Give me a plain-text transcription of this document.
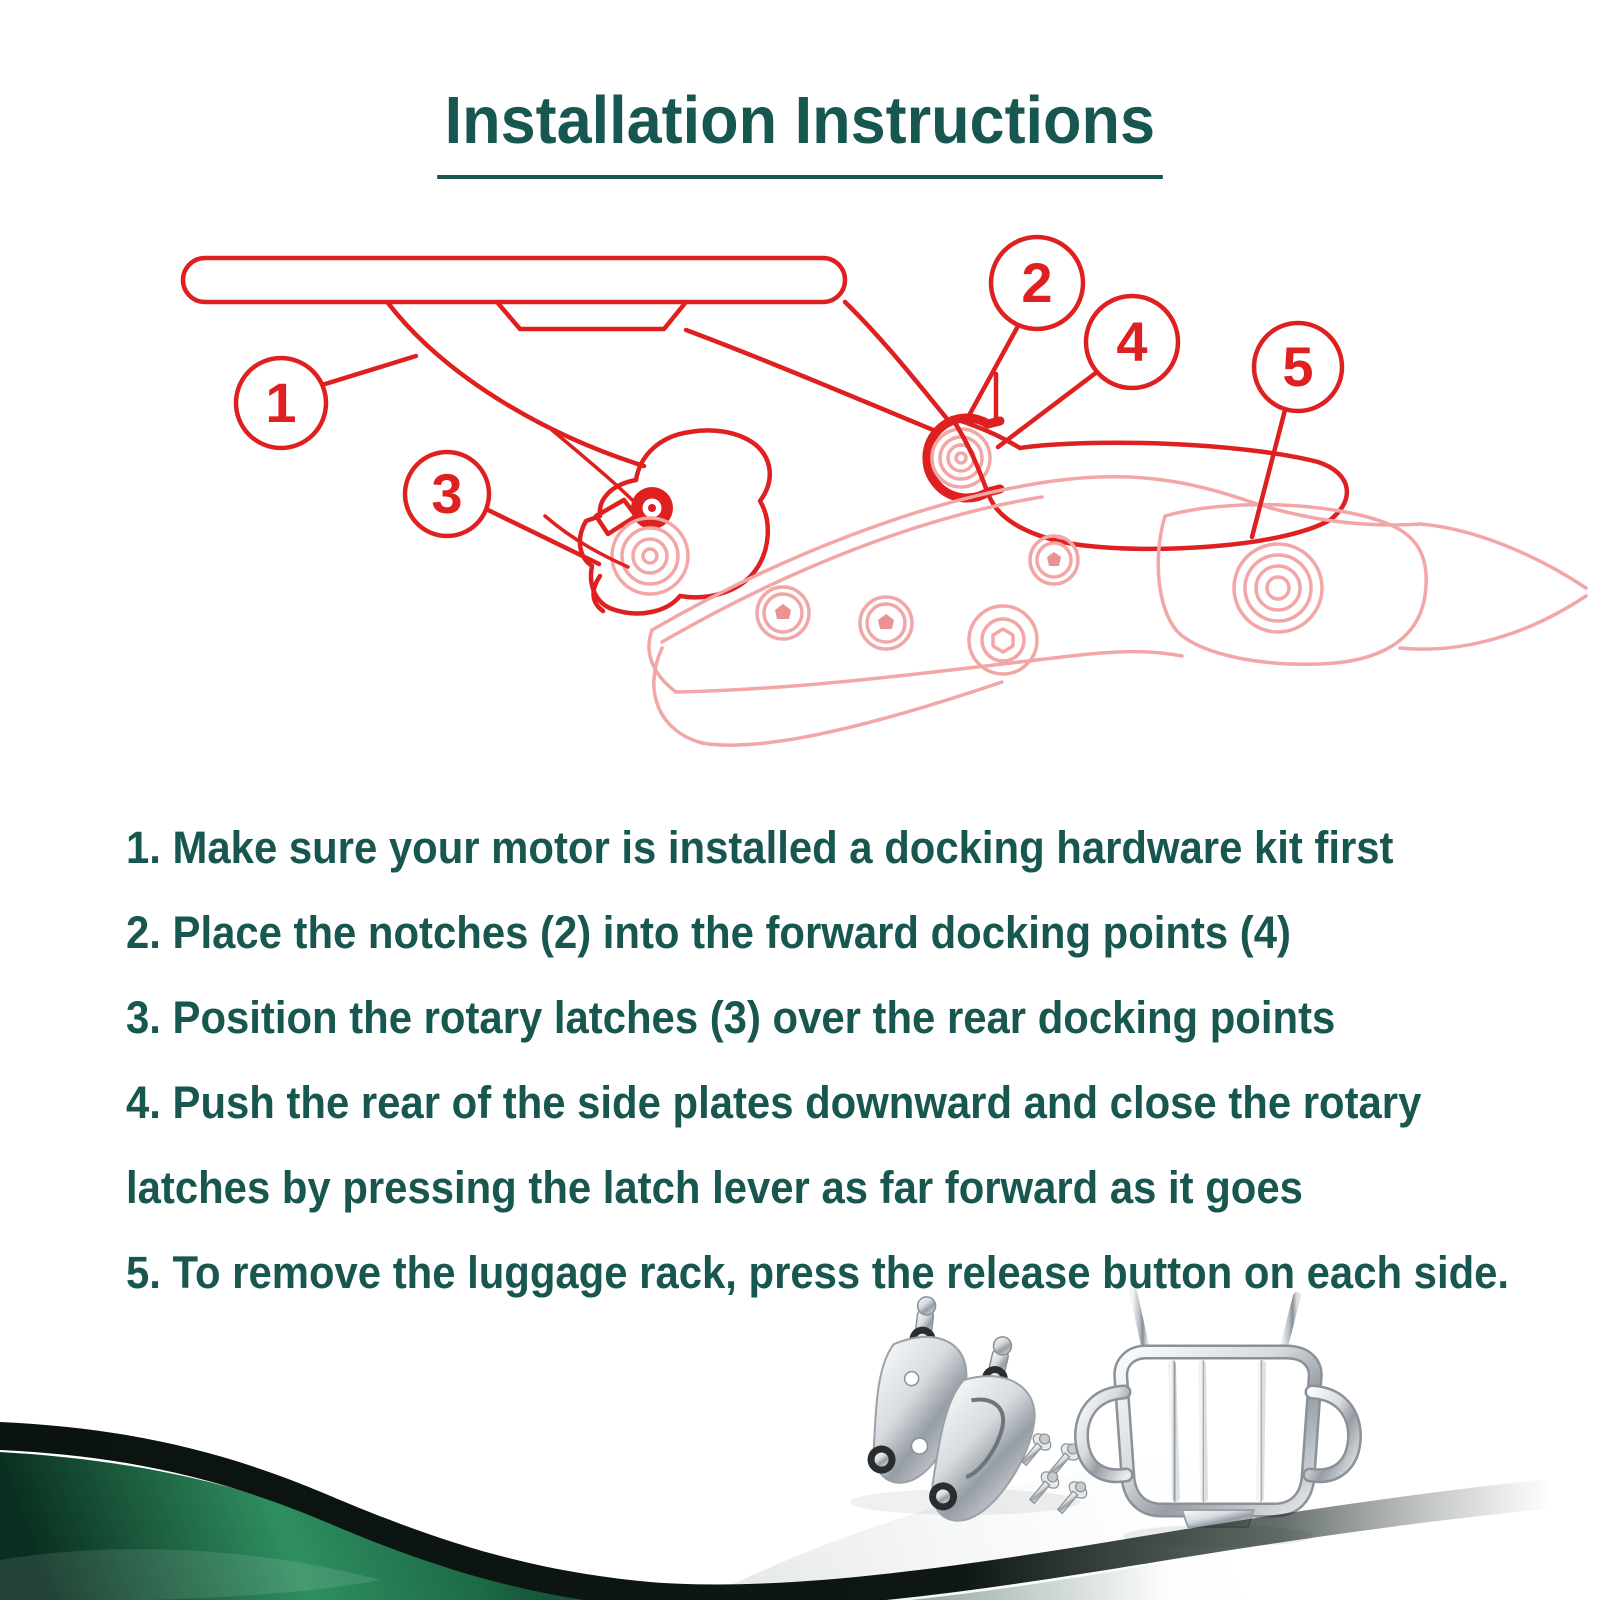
Installation Instructions
1
3
2
4 5
1. Make sure your motor is installed a docking hardware kit first
2. Place the notches (2) into the forward docking points (4)
3. Position the rotary latches (3) over the rear docking points
4. Push the rear of the side plates downward and close the rotary
latches by pressing the latch lever as far forward as it goes
5. To remove the luggage rack, press the release button on each side.
